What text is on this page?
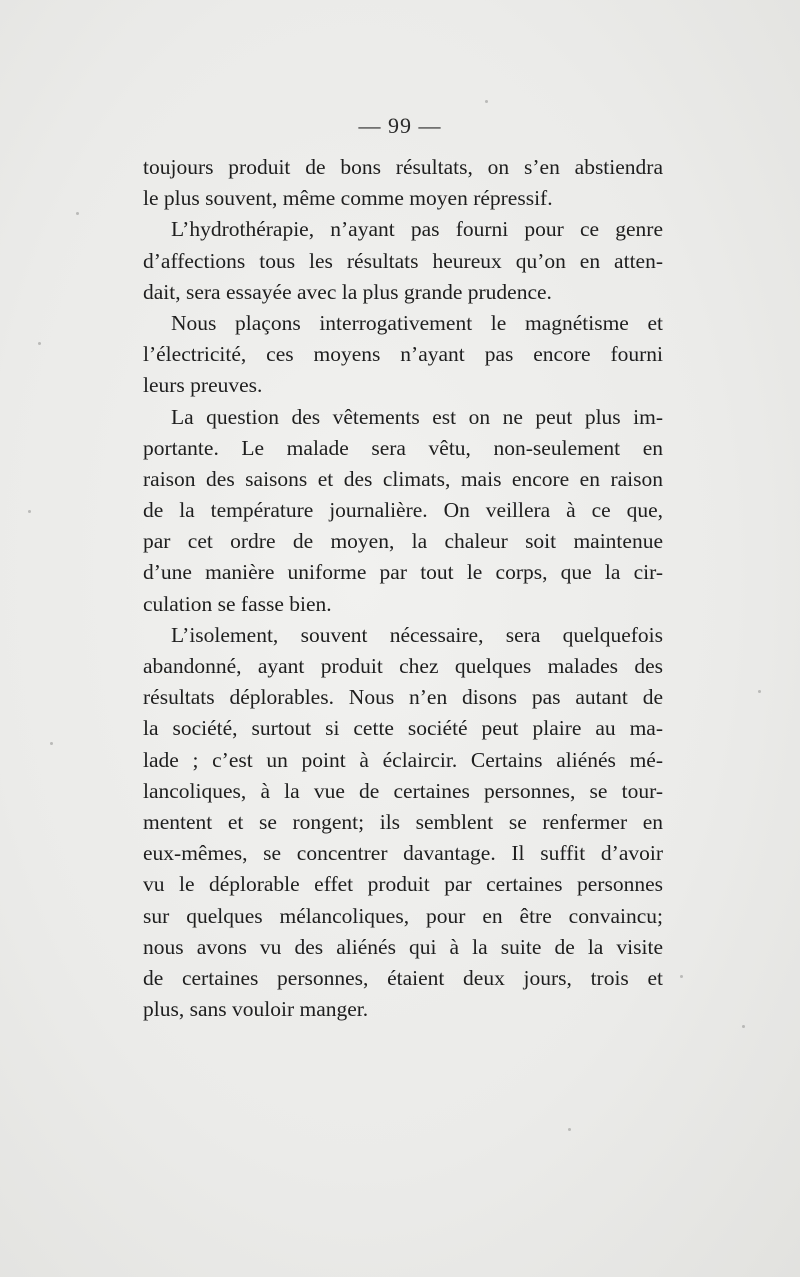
— 99 —
toujours produit de bons résultats, on s’en abstiendra
le plus souvent, même comme moyen répressif.
L’hydrothérapie, n’ayant pas fourni pour ce genre
d’affections tous les résultats heureux qu’on en atten-
dait, sera essayée avec la plus grande prudence.
Nous plaçons interrogativement le magnétisme et
l’électricité, ces moyens n’ayant pas encore fourni
leurs preuves.
La question des vêtements est on ne peut plus im-
portante. Le malade sera vêtu, non-seulement en
raison des saisons et des climats, mais encore en raison
de la température journalière. On veillera à ce que,
par cet ordre de moyen, la chaleur soit maintenue
d’une manière uniforme par tout le corps, que la cir-
culation se fasse bien.
L’isolement, souvent nécessaire, sera quelquefois
abandonné, ayant produit chez quelques malades des
résultats déplorables. Nous n’en disons pas autant de
la société, surtout si cette société peut plaire au ma-
lade ; c’est un point à éclaircir. Certains aliénés mé-
lancoliques, à la vue de certaines personnes, se tour-
mentent et se rongent; ils semblent se renfermer en
eux-mêmes, se concentrer davantage. Il suffit d’avoir
vu le déplorable effet produit par certaines personnes
sur quelques mélancoliques, pour en être convaincu;
nous avons vu des aliénés qui à la suite de la visite
de certaines personnes, étaient deux jours, trois et
plus, sans vouloir manger.
